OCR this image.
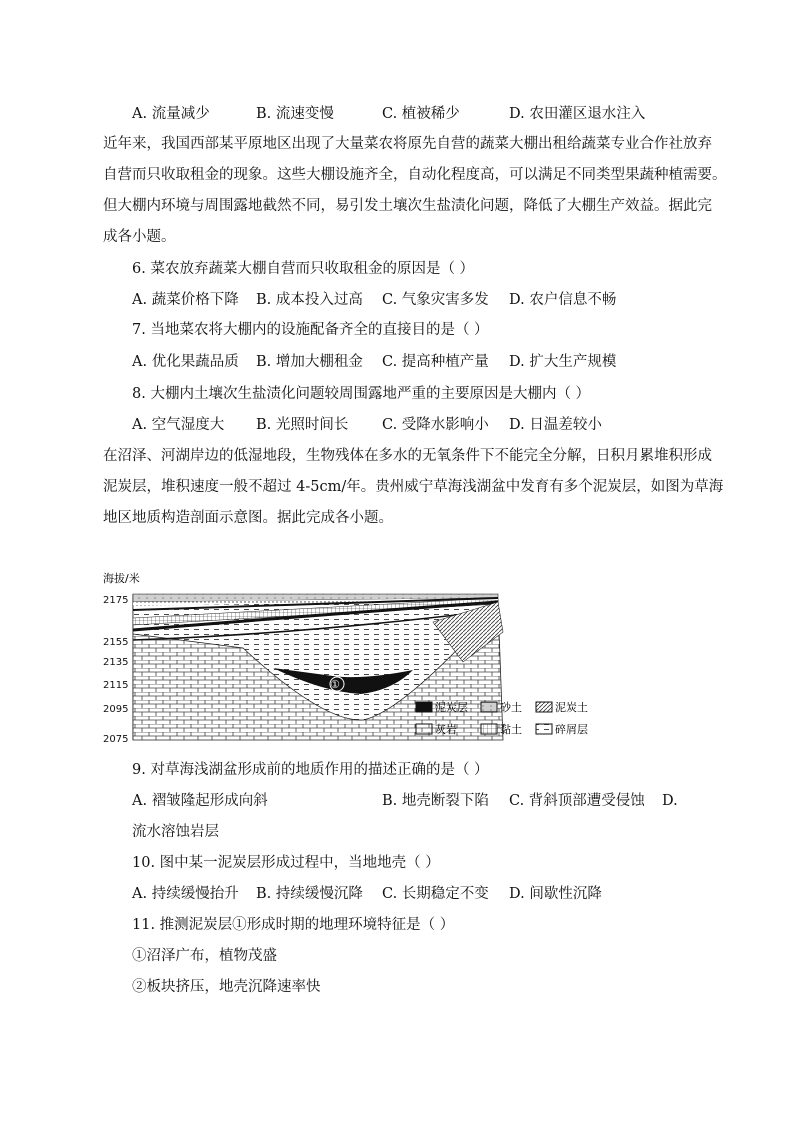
A. 流量减少	B. 流速变慢	C. 植被稀少	D. 农田灌区退水注入
近年来，我国西部某平原地区出现了大量菜农将原先自营的蔬菜大棚出租给蔬菜专业合作社放弃
自营而只收取租金的现象。这些大棚设施齐全，自动化程度高，可以满足不同类型果蔬种植需要。
但大棚内环境与周围露地截然不同，易引发土壤次生盐渍化问题，降低了大棚生产效益。据此完
成各小题。
6. 菜农放弃蔬菜大棚自营而只收取租金的原因是（ ）
A. 蔬菜价格下降 B. 成本投入过高 C. 气象灾害多发 D. 农户信息不畅
7. 当地菜农将大棚内的设施配备齐全的直接目的是（ ）
A. 优化果蔬品质 B. 增加大棚租金 C. 提高种植产量 D. 扩大生产规模
8. 大棚内土壤次生盐渍化问题较周围露地严重的主要原因是大棚内（ ）
A. 空气湿度大 B. 光照时间长 C. 受降水影响小 D. 日温差较小
在沼泽、河湖岸边的低湿地段，生物残体在多水的无氧条件下不能完全分解，日积月累堆积形成
泥炭层，堆积速度一般不超过 4-5cm/年。贵州威宁草海浅湖盆中发育有多个泥炭层，如图为草海
地区地质构造剖面示意图。据此完成各小题。
海拔/米
2175
2155
2135
2115
2095
2075
①
泥炭层	砂土	泥炭土
灰岩	黏土	碎屑层
9. 对草海浅湖盆形成前的地质作用的描述正确的是（ ）
A. 褶皱隆起形成向斜	B. 地壳断裂下陷 C. 背斜顶部遭受侵蚀 D.
流水溶蚀岩层
10. 图中某一泥炭层形成过程中，当地地壳（ ）
A. 持续缓慢抬升 B. 持续缓慢沉降 C. 长期稳定不变 D. 间歇性沉降
11. 推测泥炭层①形成时期的地理环境特征是（ ）
①沼泽广布，植物茂盛
②板块挤压，地壳沉降速率快
